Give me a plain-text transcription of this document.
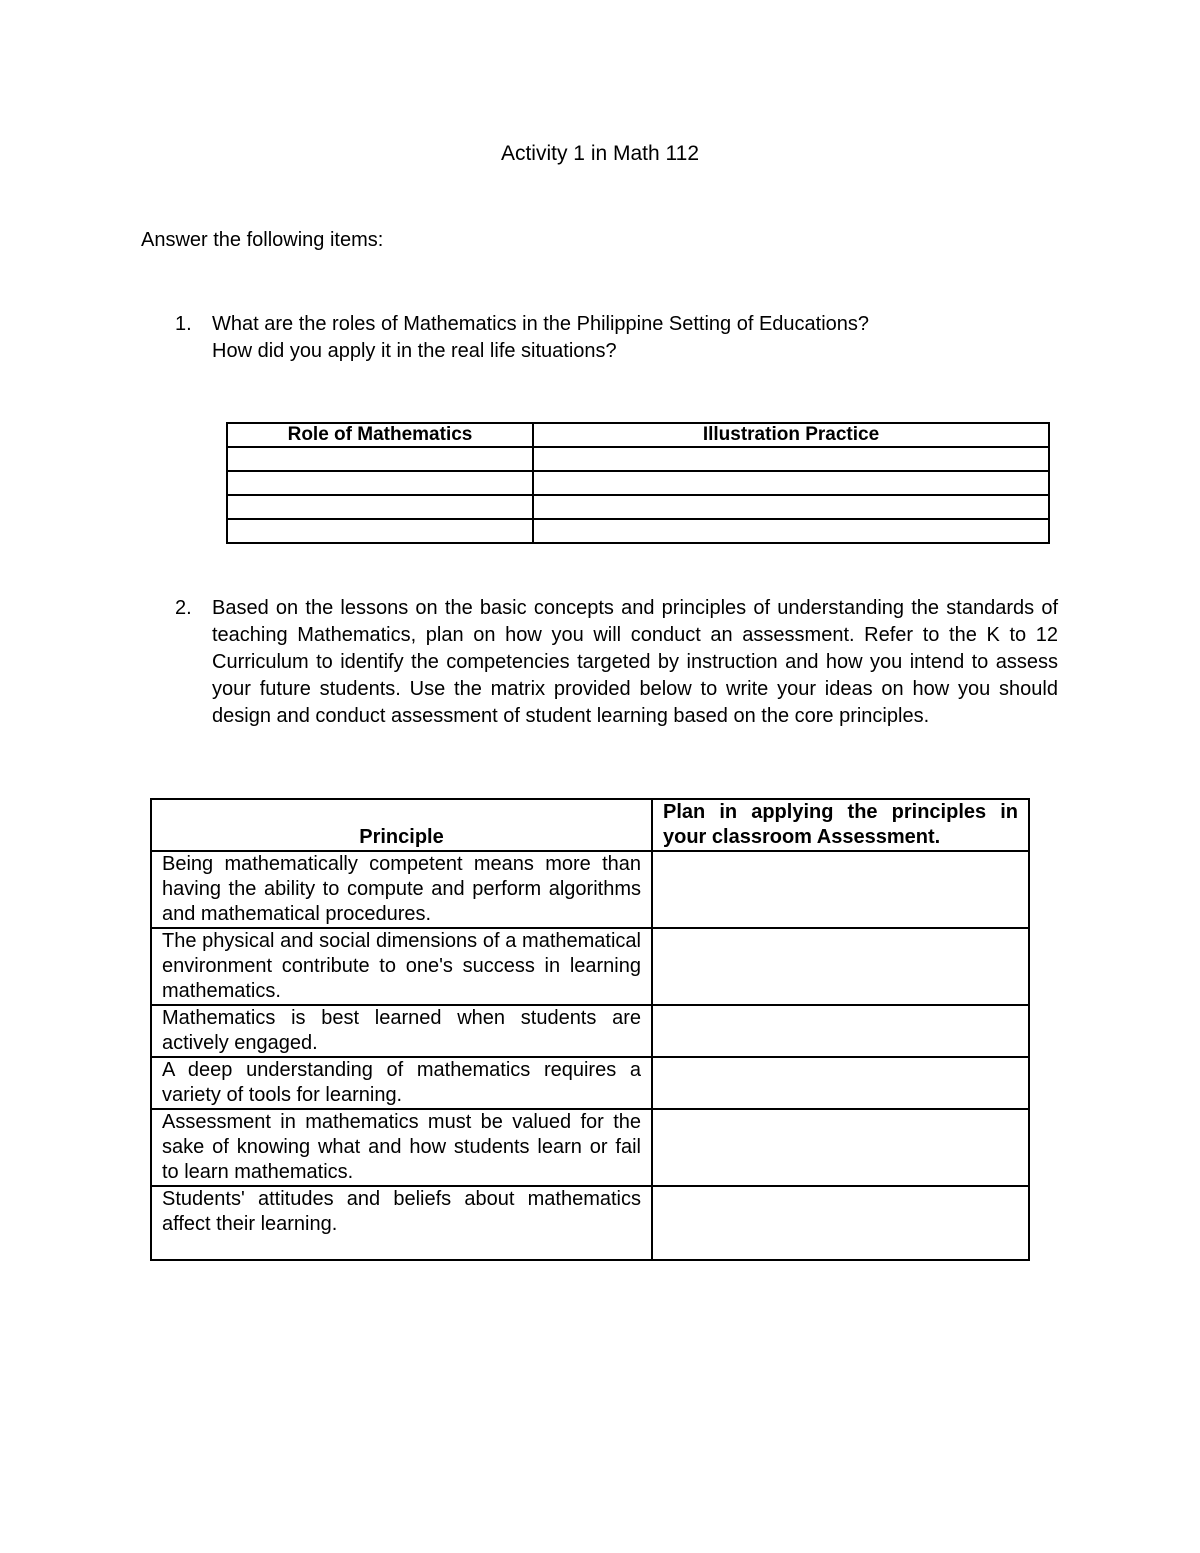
Activity 1 in Math 112
Answer the following items:
1. What are the roles of Mathematics in the Philippine Setting of Educations?
How did you apply it in the real life situations?
Role of Mathematics	Illustration Practice

2. Based on the lessons on the basic concepts and principles of understanding the standards of teaching Mathematics, plan on how you will conduct an assessment. Refer to the K to 12 Curriculum to identify the competencies targeted by instruction and how you intend to assess your future students. Use the matrix provided below to write your ideas on how you should design and conduct assessment of student learning based on the core principles.
Principle	Plan in applying the principles in your classroom Assessment.
Being mathematically competent means more than having the ability to compute and perform algorithms and mathematical procedures.	
The physical and social dimensions of a mathematical environment contribute to one's success in learning mathematics.	
Mathematics is best learned when students are actively engaged.	
A deep understanding of mathematics requires a variety of tools for learning.	
Assessment in mathematics must be valued for the sake of knowing what and how students learn or fail to learn mathematics.	
Students' attitudes and beliefs about mathematics affect their learning.	
